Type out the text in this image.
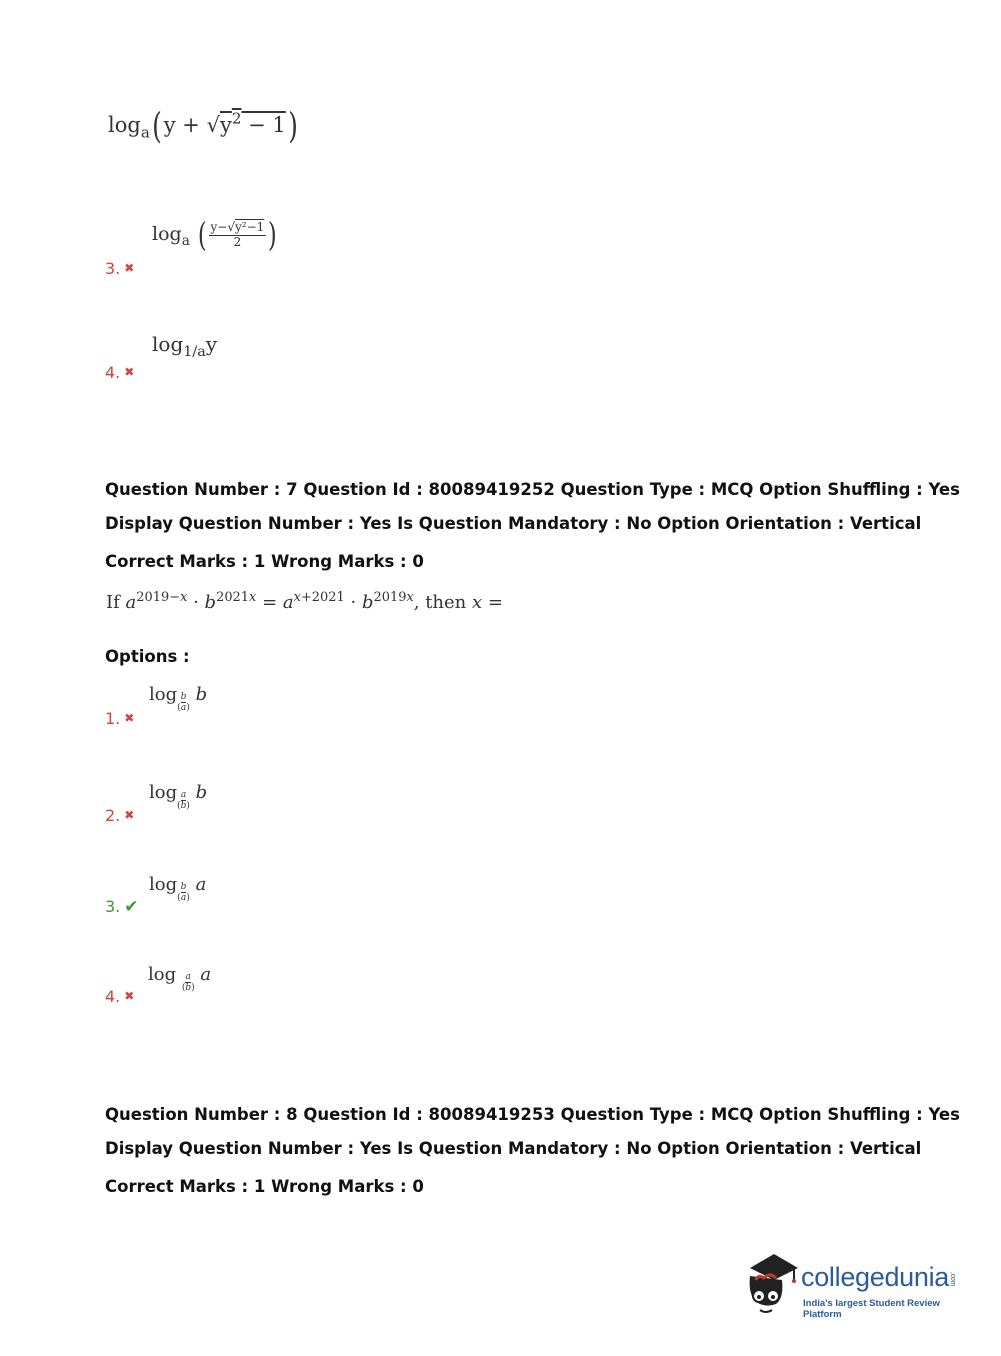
$\log_a(y + √y^2 - 1)$
$\log_a$ ( $\frac{\text{y−√y²−1}}{2}$ )
3. ✖
$\log_{1/a}y$
4. ✖
Question Number : 7 Question Id : 80089419252 Question Type : MCQ Option Shuffling : Yes
Display Question Number : Yes Is Question Mandatory : No Option Orientation : Vertical
Correct Marks : 1 Wrong Marks : 0
If $a^{2019-x} \cdot b^{2021x} = a^{x+2021} \cdot b^{2019x}$, then x =
Options :
$\log( \frac{b}{a}$ ) b
1. ✖
$\log( \frac{a}{b}$ ) b
2. ✖
$\log( \frac{b}{a}$ ) a
3. ✔
log ( $\frac{a}{b}$ ) a
4. ✖
Question Number : 8 Question Id : 80089419253 Question Type : MCQ Option Shuffling : Yes
Display Question Number : Yes Is Question Mandatory : No Option Orientation : Vertical
Correct Marks : 1 Wrong Marks : 0
collegedunia.com
India's largest Student Review Platform
